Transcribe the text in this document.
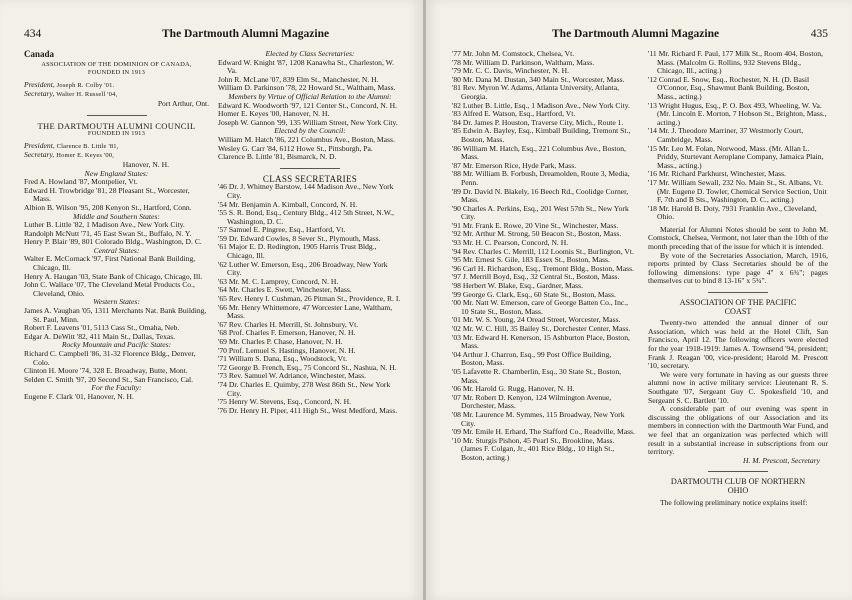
434	The Dartmouth Alumni Magazine

Canada

ASSOCIATION OF THE DOMINION OF CANADA,

FOUNDED IN 1913

President, Joseph R. Colby '01.

Secretary, Walter H. Russell '04,

Port Arthur, Ont.

THE DARTMOUTH ALUMNI COUNCIL

FOUNDED IN 1913

President, Clarence B. Little '81,

Secretary, Homer E. Keyes '00,

Hanover, N. H.

New England States:

Fred A. Howland '87, Montpelier, Vt.

Edward H. Trowbridge '81, 28 Pleasant St., Worcester, Mass.

Albion B. Wilson '95, 208 Kenyon St., Hartford, Conn.

Middle and Southern States:

Luther B. Little '82, 1 Madison Ave., New York City.

Randolph McNutt '71, 45 East Swan St., Buffalo, N. Y.

Henry P. Blair '89, 801 Colorado Bldg., Washington, D. C.

Central States:

Walter E. McCornack '97, First National Bank Building, Chicago, Ill.

Henry A. Haugan '03, State Bank of Chicago, Chicago, Ill.

John C. Wallace '07, The Cleveland Metal Products Co., Cleveland, Ohio.

Western States:

James A. Vaughan '05, 1311 Merchants Nat. Bank Building, St. Paul, Minn.

Robert F. Leavens '01, 5113 Cass St., Omaha, Neb.

Edgar A. DeWitt '82, 411 Main St., Dallas, Texas.

Rocky Mountain and Pacific States:

Richard C. Campbell '86, 31-32 Florence Bldg., Denver, Colo.

Clinton H. Moore '74, 328 E. Broadway, Butte, Mont.

Selden C. Smith '97, 20 Second St., San Francisco, Cal.

For the Faculty:

Eugene F. Clark '01, Hanover, N. H.

Elected by Class Secretaries:

Edward W. Knight '87, 1208 Kanawha St., Charleston, W. Va.

John R. McLane '07, 839 Elm St., Manchester, N. H.

William D. Parkinson '78, 22 Howard St., Waltham, Mass.

Members by Virtue of Official Relation to the Alumni:

Edward K. Woodworth '97, 121 Center St., Concord, N. H.

Homer E. Keyes '00, Hanover, N. H.

Joseph W. Gannon '99, 135 William Street, New York City.

Elected by the Council:

William M. Hatch '86, 221 Columbus Ave., Boston, Mass.

Wesley G. Carr '84, 6112 Howe St., Pittsburgh, Pa.

Clarence B. Little '81, Bismarck, N. D.

CLASS SECRETARIES

'46 Dr. J. Whitney Barstow, 144 Madison Ave., New York City.

'54 Mr. Benjamin A. Kimball, Concord, N. H.

'55 S. R. Bond, Esq., Century Bldg., 412 5th Street, N.W., Washington, D. C.

'57 Samuel E. Pingree, Esq., Hartford, Vt.

'59 Dr. Edward Cowles, 8 Sever St., Plymouth, Mass.

'61 Major E. D. Redington, 1905 Harris Trust Bldg., Chicago, Ill.

'62 Luther W. Emerson, Esq., 206 Broadway, New York City.

'63 Mr. M. C. Lamprey, Concord, N. H.

'64 Mr. Charles E. Swett, Winchester, Mass.

'65 Rev. Henry I. Cushman, 26 Pitman St., Providence, R. I.

'66 Mr. Henry Whittemore, 47 Worcester Lane, Waltham, Mass.

'67 Rev. Charles H. Merrill, St. Johnsbury, Vt.

'68 Prof. Charles F. Emerson, Hanover, N. H.

'69 Mr. Charles P. Chase, Hanover, N. H.

'70 Prof. Lemuel S. Hastings, Hanover, N. H.

'71 William S. Dana, Esq., Woodstock, Vt.

'72 George B. French, Esq., 75 Concord St., Nashua, N. H.

'73 Rev. Samuel W. Adriance, Winchester, Mass.

'74 Dr. Charles E. Quimby, 278 West 86th St., New York City.

'75 Henry W. Stevens, Esq., Concord, N. H.

'76 Dr. Henry H. Piper, 411 High St., West Medford, Mass.

The Dartmouth Alumni Magazine	435

'77 Mr. John M. Comstock, Chelsea, Vt.

'78 Mr. William D. Parkinson, Waltham, Mass.

'79 Mr. C. C. Davis, Winchester, N. H.

'80 Mr. Dana M. Dustan, 340 Main St., Worcester, Mass.

'81 Rev. Myron W. Adams, Atlanta University, Atlanta, Georgia.

'82 Luther B. Little, Esq., 1 Madison Ave., New York City.

'83 Alfred E. Watson, Esq., Hartford, Vt.

'84 Dr. James P. Houston, Traverse City, Mich., Route 1.

'85 Edwin A. Bayley, Esq., Kimball Building, Tremont St., Boston, Mass.

'86 William M. Hatch, Esq., 221 Columbus Ave., Boston, Mass.

'87 Mr. Emerson Rice, Hyde Park, Mass.

'88 Mr. William B. Forbush, Dreamolden, Route 3, Media, Penn.

'89 Dr. David N. Blakely, 16 Beech Rd., Coolidge Corner, Mass.

'90 Charles A. Perkins, Esq., 201 West 57th St., New York City.

'91 Mr. Frank E. Rowe, 20 Vine St., Winchester, Mass.

'92 Mr. Arthur M. Strong, 50 Beacon St., Boston, Mass.

'93 Mr. H. C. Pearson, Concord, N. H.

'94 Rev. Charles C. Merrill, 112 Loomis St., Burlington, Vt.

'95 Mr. Ernest S. Gile, 183 Essex St., Boston, Mass.

'96 Carl H. Richardson, Esq., Tremont Bldg., Boston, Mass.

'97 J. Merrill Boyd, Esq., 32 Central St., Boston, Mass.

'98 Herbert W. Blake, Esq., Gardner, Mass.

'99 George G. Clark, Esq., 60 State St., Boston, Mass.

'00 Mr. Natt W. Emerson, care of George Batten Co., Inc., 10 State St., Boston, Mass.

'01 Mr. W. S. Young, 24 Oread Street, Worcester, Mass.

'02 Mr. W. C. Hill, 35 Bailey St., Dorchester Center, Mass.

'03 Mr. Edward H. Kenerson, 15 Ashburton Place, Boston, Mass.

'04 Arthur J. Charron, Esq., 99 Post Office Building, Boston, Mass.

'05 Lafavette R. Chamberlin, Esq., 30 State St., Boston, Mass.

'06 Mr. Harold G. Rugg, Hanover, N. H.

'07 Mr. Robert D. Kenyon, 124 Wilmington Avenue, Dorchester, Mass.

'08 Mr. Laurence M. Symmes, 115 Broadway, New York City.

'09 Mr. Emile H. Erhard, The Stafford Co., Readville, Mass.

'10 Mr. Sturgis Pishon, 45 Pearl St., Brookline, Mass. (James F. Colgan, Jr., 401 Rice Bldg., 10 High St., Boston, acting.)

'11 Mr. Richard F. Paul, 177 Milk St., Room 404, Boston, Mass. (Malcolm G. Rollins, 932 Stevens Bldg., Chicago, Ill., acting.)

'12 Conrad E. Snow, Esq., Rochester, N. H. (D. Basil O'Connor, Esq., Shawmut Bank Building, Boston, Mass., acting.)

'13 Wright Hugus, Esq., P. O. Box 493, Wheeling, W. Va. (Mr. Lincoln E. Morton, 7 Hobson St., Brighton, Mass., acting.)

'14 Mr. J. Theodore Marriner, 37 Westmorly Court, Cambridge, Mass.

'15 Mr. Leo M. Folan, Norwood, Mass. (Mr. Allan L. Priddy, Sturtevant Aeroplane Company, Jamaica Plain, Mass., acting.)

'16 Mr. Richard Parkhurst, Winchester, Mass.

'17 Mr. William Sewall, 232 No. Main St., St. Albans, Vt. (Mr. Eugene D. Towler, Chemical Service Section, Unit F, 7th and B Sts., Washington, D. C., acting.)

'18 Mr. Harold B. Doty, 7931 Franklin Ave., Cleveland, Ohio.

Material for Alumni Notes should be sent to John M. Comstock, Chelsea, Vermont, not later than the 10th of the month preceding that of the issue for which it is intended.

By vote of the Secretaries Association, March, 1916, reports printed by Class Secretaries should be of the following dimensions: type page 4" x 6¾"; pages themselves cut to bind 8 13-16" x 5¾".

ASSOCIATION OF THE PACIFIC

COAST

Twenty-two attended the annual dinner of our Association, which was held at the Hotel Clift, San Francisco, April 12. The following officers were elected for the year 1918-1919: James A. Townsend '94, president; Frank J. Reagan '00, vice-president; Harold M. Prescott '10, secretary.

We were very fortunate in having as our guests three alumni now in active military service: Lieutenant R. S. Southgate '07, Sergeant Guy C. Spokesfield '10, and Sergeant S. C. Bartlett '10.

A considerable part of our evening was spent in discussing the obligations of our Association and its members in connection with the Dartmouth War Fund, and we feel that an organization was perfected which will result in a substantial increase in subscriptions from our territory.

H. M. Prescott, Secretary

DARTMOUTH CLUB OF NORTHERN

OHIO

The following preliminary notice explains itself:
